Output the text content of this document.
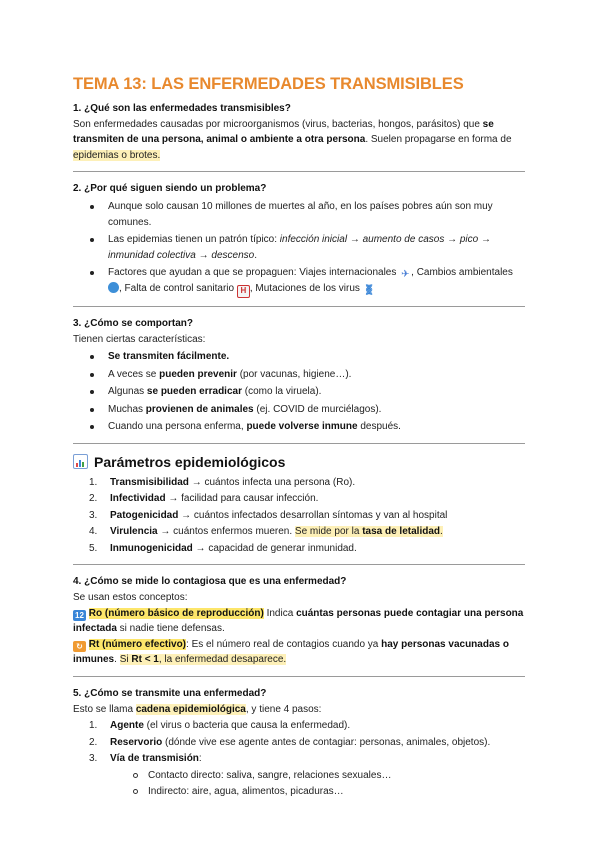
TEMA 13: LAS ENFERMEDADES TRANSMISIBLES
1. ¿Qué son las enfermedades transmisibles?

Son enfermedades causadas por microorganismos (virus, bacterias, hongos, parásitos) que se transmiten de una persona, animal o ambiente a otra persona. Suelen propagarse en forma de epidemias o brotes.

2. ¿Por qué siguen siendo un problema?
Aunque solo causan 10 millones de muertes al año, en los países pobres aún son muy comunes.
Las epidemias tienen un patrón típico: infección inicial → aumento de casos → pico → inmunidad colectiva → descenso.
Factores que ayudan a que se propaguen: Viajes internacionales ✈ , Cambios ambientales , Falta de control sanitario H , Mutaciones de los virus 🧬︎
3. ¿Cómo se comportan?

Tienen ciertas características:

Se transmiten fácilmente.
A veces se pueden prevenir (por vacunas, higiene…).
Algunas se pueden erradicar (como la viruela).
Muchas provienen de animales (ej. COVID de murciélagos).
Cuando una persona enferma, puede volverse inmune después.
Parámetros epidemiológicos
1. Transmisibilidad → cuántos infecta una persona (Ro).
2. Infectividad → facilidad para causar infección.
3. Patogenicidad → cuántos infectados desarrollan síntomas y van al hospital
4. Virulencia → cuántos enfermos mueren. Se mide por la tasa de letalidad.
5. Inmunogenicidad → capacidad de generar inmunidad.
4. ¿Cómo se mide lo contagiosa que es una enfermedad?

Se usan estos conceptos:

12 Ro (número básico de reproducción) Indica cuántas personas puede contagiar una persona infectada si nadie tiene defensas.

↻ Rt (número efectivo): Es el número real de contagios cuando ya hay personas vacunadas o inmunes. Si Rt < 1, la enfermedad desaparece.

5. ¿Cómo se transmite una enfermedad?

Esto se llama cadena epidemiológica, y tiene 4 pasos:

1. Agente (el virus o bacteria que causa la enfermedad).
2. Reservorio (dónde vive ese agente antes de contagiar: personas, animales, objetos).
3. Vía de transmisión:
Contacto directo: saliva, sangre, relaciones sexuales…
Indirecto: aire, agua, alimentos, picaduras…
